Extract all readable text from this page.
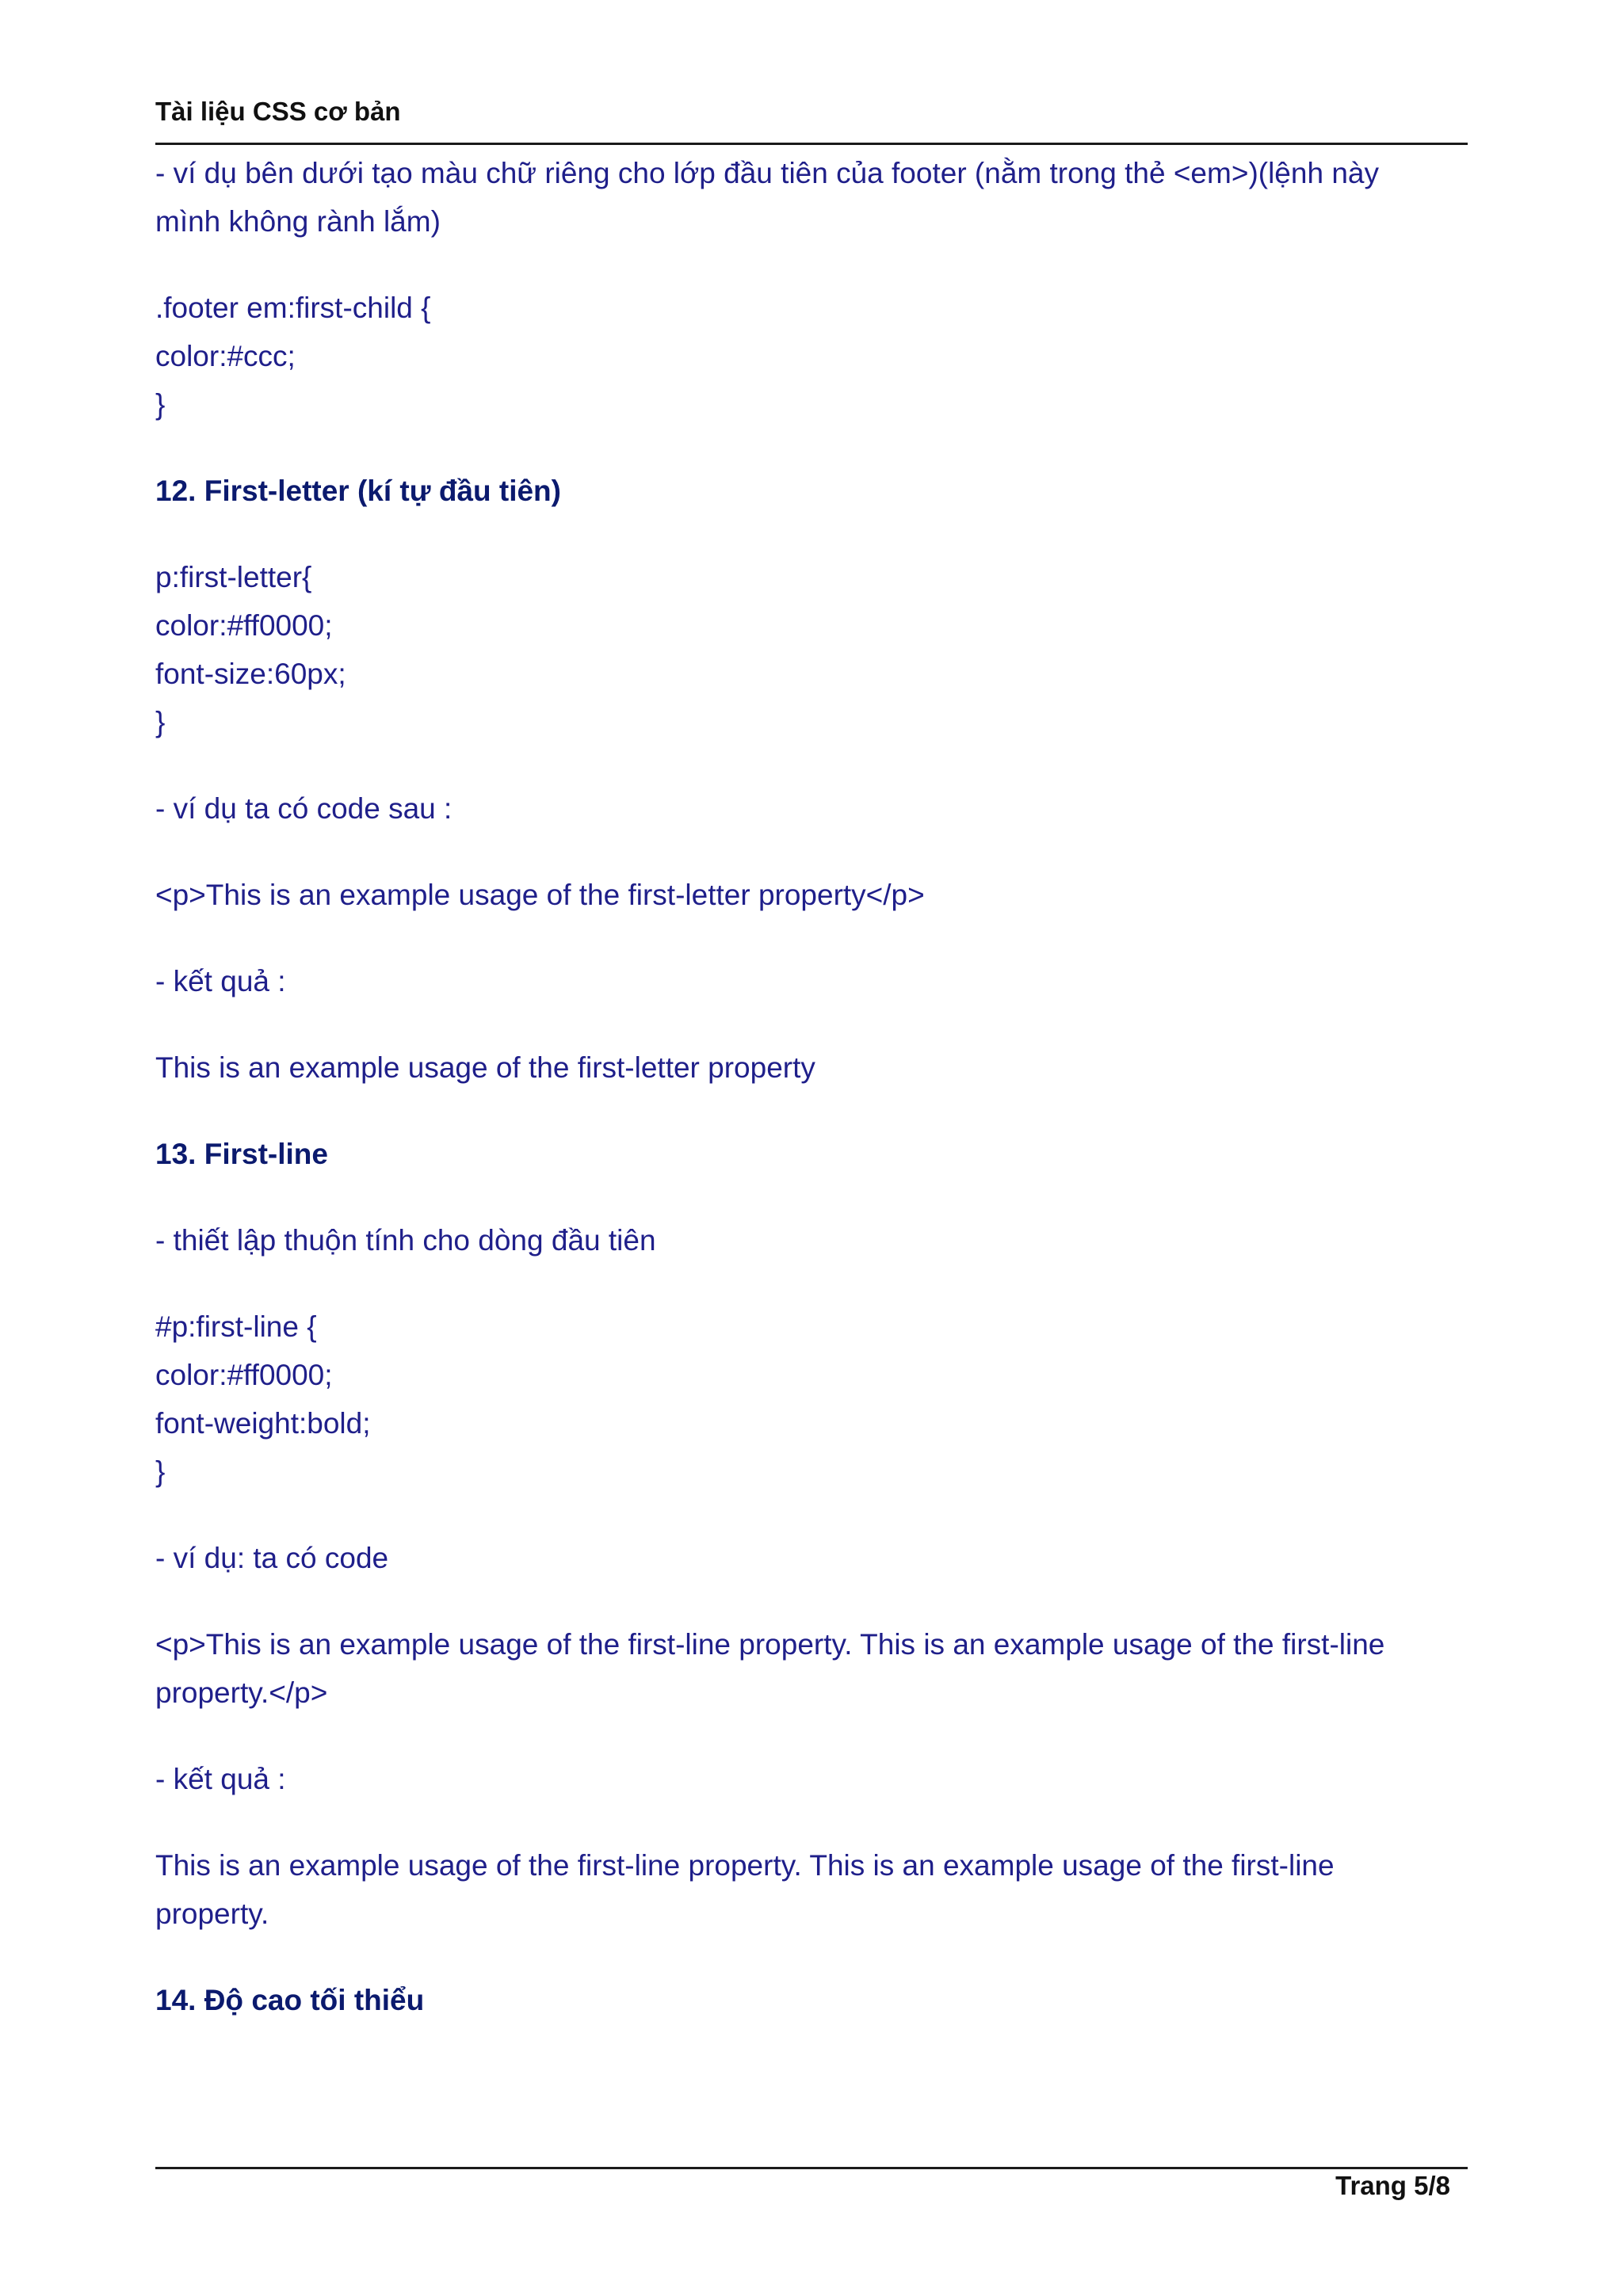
Tài liệu CSS cơ bản
- ví dụ bên dưới tạo màu chữ riêng cho lớp đầu tiên của footer (nằm trong thẻ <em>)(lệnh này
mình không rành lắm)
.footer em:first-child {
color:#ccc;
}
12. First-letter (kí tự đầu tiên)
p:first-letter{
color:#ff0000;
font-size:60px;
}
- ví dụ ta có code sau :
<p>This is an example usage of the first-letter property</p>
- kết quả :
This is an example usage of the first-letter property
13. First-line
- thiết lập thuộn tính cho dòng đầu tiên
#p:first-line {
color:#ff0000;
font-weight:bold;
}
- ví dụ: ta có code
<p>This is an example usage of the first-line property. This is an example usage of the first-line
property.</p>
- kết quả :
This is an example usage of the first-line property. This is an example usage of the first-line
property.
14. Độ cao tối thiểu
Trang 5/8
